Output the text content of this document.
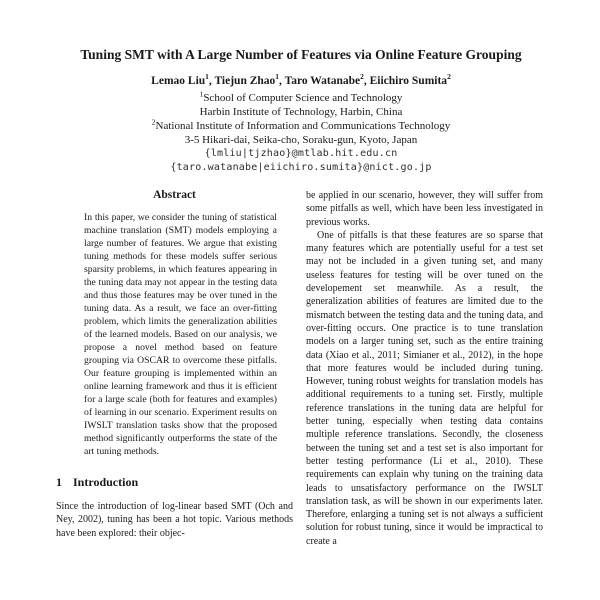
Tuning SMT with A Large Number of Features via Online Feature Grouping
Lemao Liu$^1$, Tiejun Zhao$^1$, Taro Watanabe$^2$, Eiichiro Sumita$^2$
$^1$School of Computer Science and Technology
Harbin Institute of Technology, Harbin, China
$^2$National Institute of Information and Communications Technology
3-5 Hikari-dai, Seika-cho, Soraku-gun, Kyoto, Japan
{lmliu|tjzhao}@mtlab.hit.edu.cn
{taro.watanabe|eiichiro.sumita}@nict.go.jp
Abstract

In this paper, we consider the tuning of statistical machine translation (SMT) models employing a large number of features. We argue that existing tuning methods for these models suffer serious sparsity problems, in which features appearing in the tuning data may not appear in the testing data and thus those features may be over tuned in the tuning data. As a result, we face an over-fitting problem, which limits the generalization abilities of the learned models. Based on our analysis, we propose a novel method based on feature grouping via OSCAR to overcome these pitfalls. Our feature grouping is implemented within an online learning framework and thus it is efficient for a large scale (both for features and examples) of learning in our scenario. Experiment results on IWSLT translation tasks show that the proposed method significantly outperforms the state of the art tuning methods.

1 Introduction

Since the introduction of log-linear based SMT (Och and Ney, 2002), tuning has been a hot topic. Various methods have been explored: their objec-

be applied in our scenario, however, they will suffer from some pitfalls as well, which have been less investigated in previous works.

One of pitfalls is that these features are so sparse that many features which are potentially useful for a test set may not be included in a given tuning set, and many useless features for testing will be over tuned on the developement set meanwhile. As a result, the generalization abilities of features are limited due to the mismatch between the testing data and the tuning data, and over-fitting occurs. One practice is to tune translation models on a larger tuning set, such as the entire training data (Xiao et al., 2011; Simianer et al., 2012), in the hope that more features would be included during tuning. However, tuning robust weights for translation models has additional requirements to a tuning set. Firstly, multiple reference translations in the tuning data are helpful for better tuning, especially when testing data contains multiple reference translations. Secondly, the closeness between the tuning set and a test set is also important for better testing performance (Li et al., 2010). These requirements can explain why tuning on the training data leads to unsatisfactory performance on the IWSLT translation task, as will be shown in our experiments later. Therefore, enlarging a tuning set is not always a sufficient solution for robust tuning, since it would be impractical to create a
